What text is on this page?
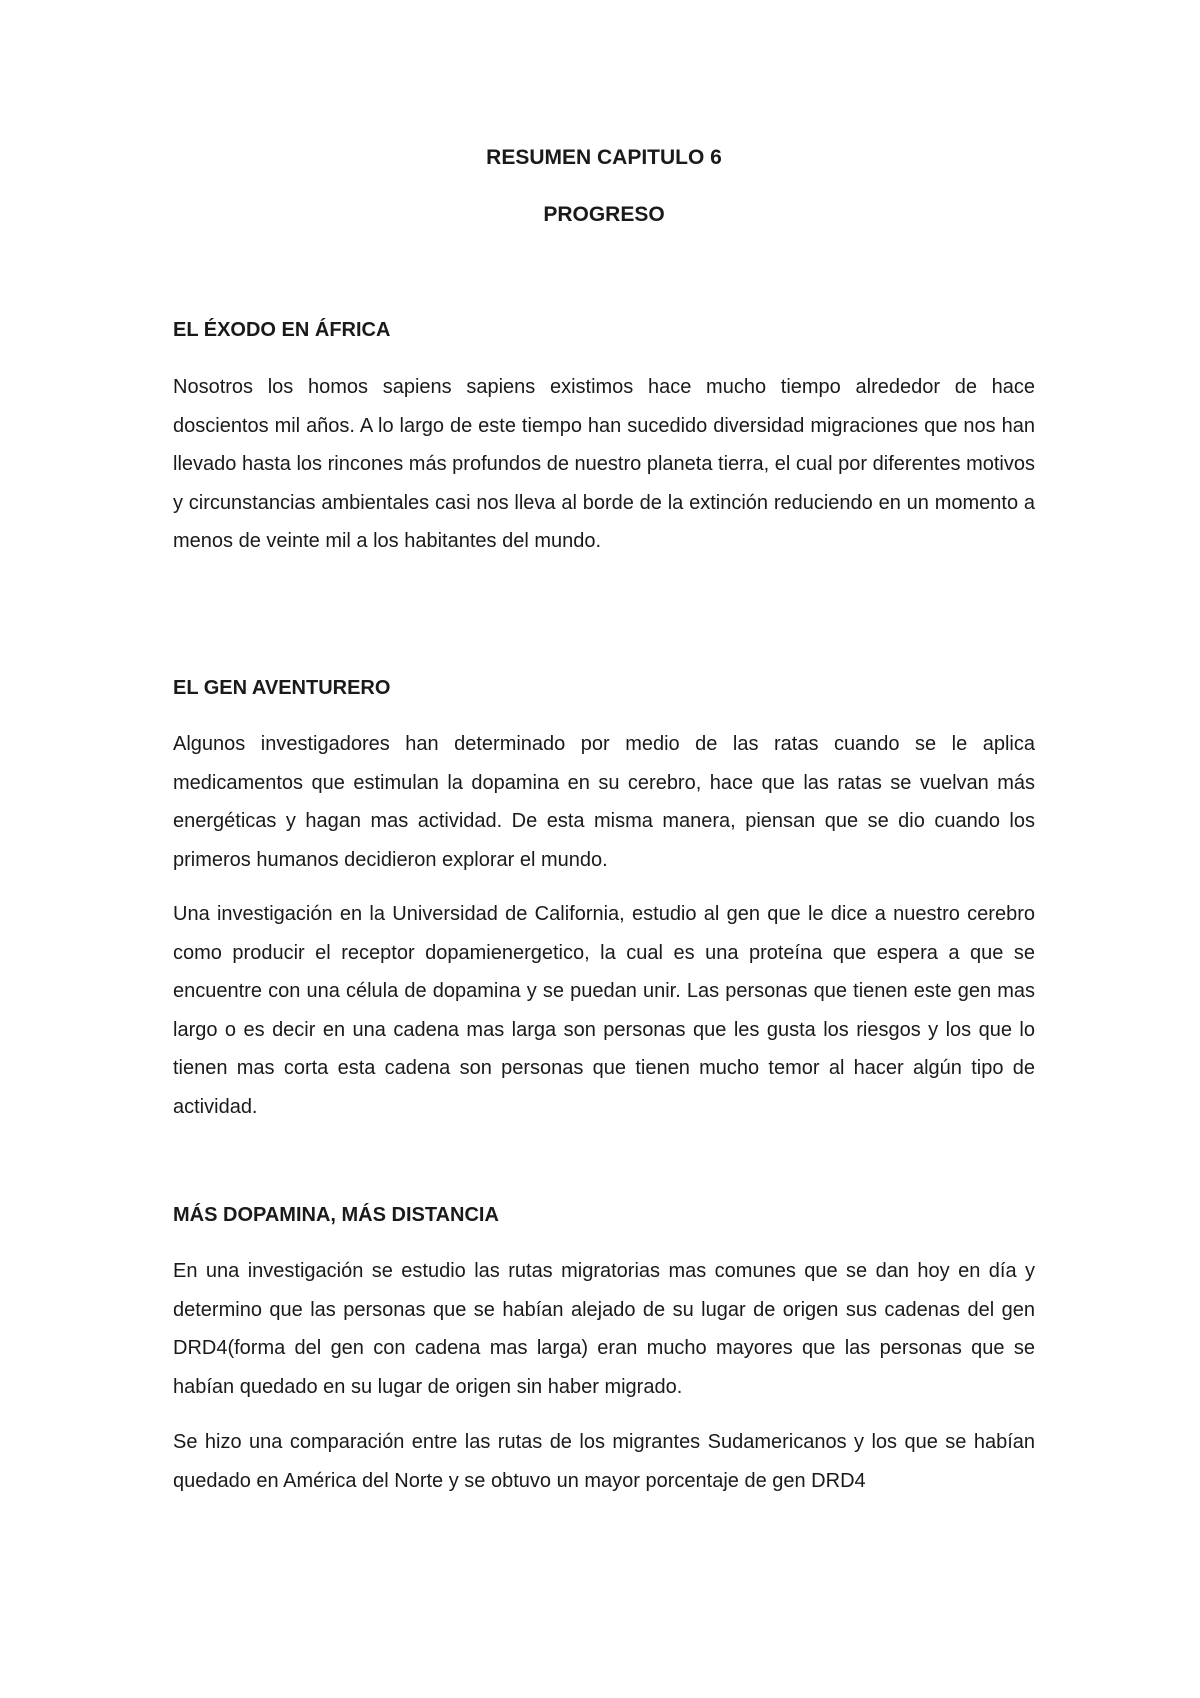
RESUMEN CAPITULO 6
PROGRESO
EL ÉXODO EN ÁFRICA

Nosotros los homos sapiens sapiens existimos hace mucho tiempo alrededor de hace doscientos mil años. A lo largo de este tiempo han sucedido diversidad migraciones que nos han llevado hasta los rincones más profundos de nuestro planeta tierra, el cual por diferentes motivos y circunstancias ambientales casi nos lleva al borde de la extinción reduciendo en un momento a menos de veinte mil a los habitantes del mundo.

EL GEN AVENTURERO

Algunos investigadores han determinado por medio de las ratas cuando se le aplica medicamentos que estimulan la dopamina en su cerebro, hace que las ratas se vuelvan más energéticas y hagan mas actividad. De esta misma manera, piensan que se dio cuando los primeros humanos decidieron explorar el mundo.

Una investigación en la Universidad de California, estudio al gen que le dice a nuestro cerebro como producir el receptor dopamienergetico, la cual es una proteína que espera a que se encuentre con una célula de dopamina y se puedan unir. Las personas que tienen este gen mas largo o es decir en una cadena mas larga son personas que les gusta los riesgos y los que lo tienen mas corta esta cadena son personas que tienen mucho temor al hacer algún tipo de actividad.

MÁS DOPAMINA, MÁS DISTANCIA

En una investigación se estudio las rutas migratorias mas comunes que se dan hoy en día y determino que las personas que se habían alejado de su lugar de origen sus cadenas del gen DRD4(forma del gen con cadena mas larga) eran mucho mayores que las personas que se habían quedado en su lugar de origen sin haber migrado.

Se hizo una comparación entre las rutas de los migrantes Sudamericanos y los que se habían quedado en América del Norte y se obtuvo un mayor porcentaje de gen DRD4
